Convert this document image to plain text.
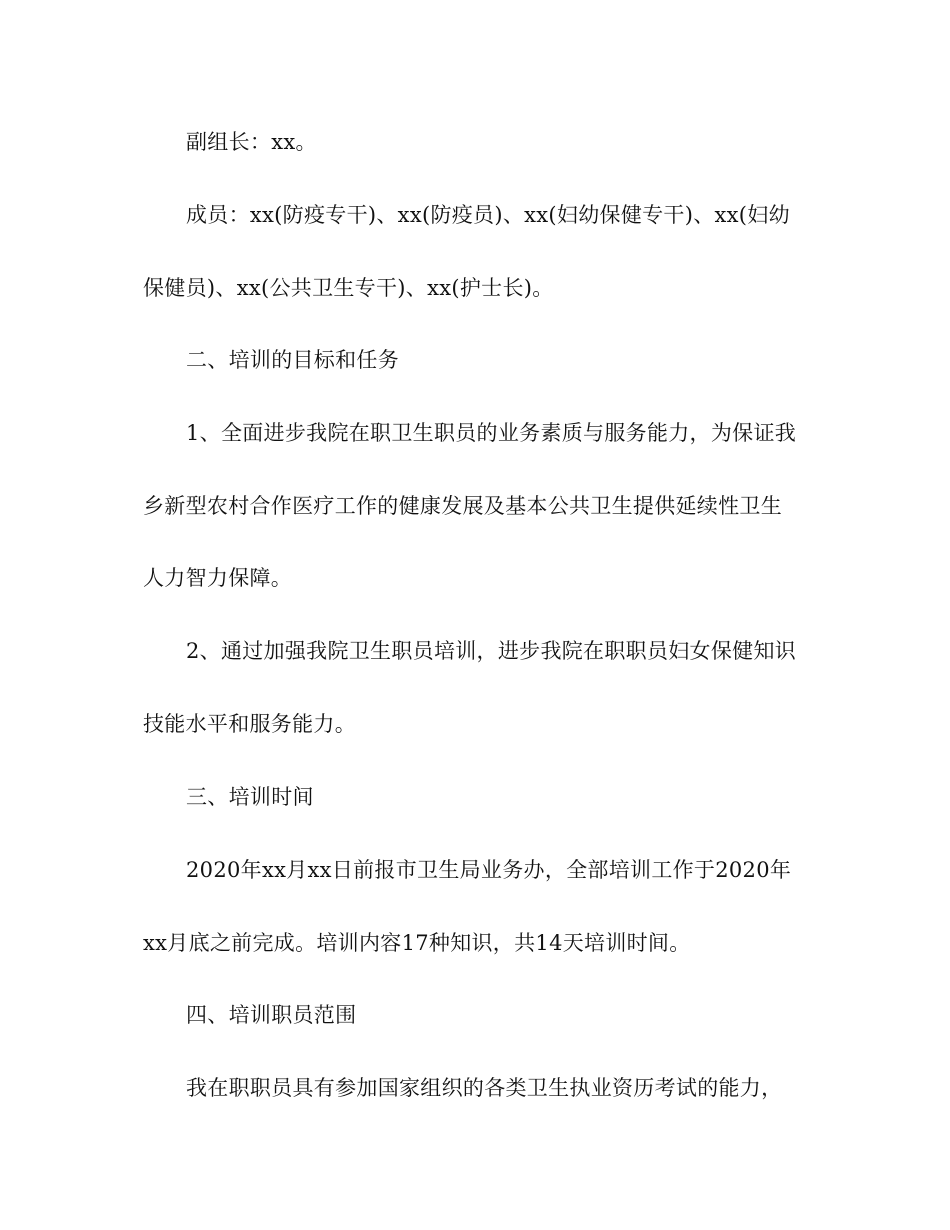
副组长：xx。

成员：xx(防疫专干)、xx(防疫员)、xx(妇幼保健专干)、xx(妇幼
保健员)、xx(公共卫生专干)、xx(护士长)。

二、培训的目标和任务

1、全面进步我院在职卫生职员的业务素质与服务能力，为保证我
乡新型农村合作医疗工作的健康发展及基本公共卫生提供延续性卫生
人力智力保障。

2、通过加强我院卫生职员培训，进步我院在职职员妇女保健知识
技能水平和服务能力。

三、培训时间

2020年xx月xx日前报市卫生局业务办，全部培训工作于2020年
xx月底之前完成。培训内容17种知识，共14天培训时间。

四、培训职员范围

我在职职员具有参加国家组织的各类卫生执业资历考试的能力，
